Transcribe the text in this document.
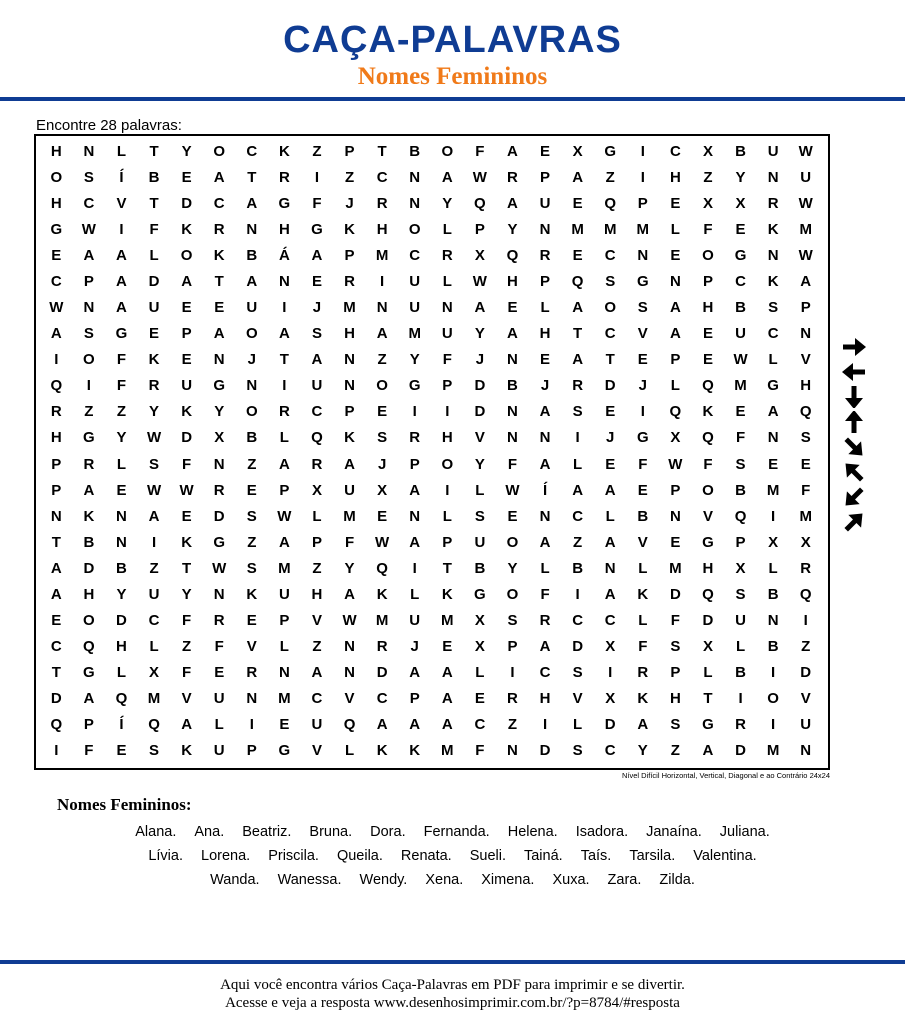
CAÇA-PALAVRAS
Nomes Femininos
Encontre 28 palavras:
H	N	L	T	Y	O	C	K	Z	P	T	B	O	F	A	E	X	G	I	C	X	B	U	W
O	S	Í	B	E	A	T	R	I	Z	C	N	A	W	R	P	A	Z	I	H	Z	Y	N	U
H	C	V	T	D	C	A	G	F	J	R	N	Y	Q	A	U	E	Q	P	E	X	X	R	W
G	W	I	F	K	R	N	H	G	K	H	O	L	P	Y	N	M	M	M	L	F	E	K	M
E	A	A	L	O	K	B	Á	A	P	M	C	R	X	Q	R	E	C	N	E	O	G	N	W
C	P	A	D	A	T	A	N	E	R	I	U	L	W	H	P	Q	S	G	N	P	C	K	A
W	N	A	U	E	E	U	I	J	M	N	U	N	A	E	L	A	O	S	A	H	B	S	P
A	S	G	E	P	A	O	A	S	H	A	M	U	Y	A	H	T	C	V	A	E	U	C	N
I	O	F	K	E	N	J	T	A	N	Z	Y	F	J	N	E	A	T	E	P	E	W	L	V
Q	I	F	R	U	G	N	I	U	N	O	G	P	D	B	J	R	D	J	L	Q	M	G	H
R	Z	Z	Y	K	Y	O	R	C	P	E	I	I	D	N	A	S	E	I	Q	K	E	A	Q
H	G	Y	W	D	X	B	L	Q	K	S	R	H	V	N	N	I	J	G	X	Q	F	N	S
P	R	L	S	F	N	Z	A	R	A	J	P	O	Y	F	A	L	E	F	W	F	S	E	E
P	A	E	W	W	R	E	P	X	U	X	A	I	L	W	Í	A	A	E	P	O	B	M	F
N	K	N	A	E	D	S	W	L	M	E	N	L	S	E	N	C	L	B	N	V	Q	I	M
T	B	N	I	K	G	Z	A	P	F	W	A	P	U	O	A	Z	A	V	E	G	P	X	X
A	D	B	Z	T	W	S	M	Z	Y	Q	I	T	B	Y	L	B	N	L	M	H	X	L	R
A	H	Y	U	Y	N	K	U	H	A	K	L	K	G	O	F	I	A	K	D	Q	S	B	Q
E	O	D	C	F	R	E	P	V	W	M	U	M	X	S	R	C	C	L	F	D	U	N	I
C	Q	H	L	Z	F	V	L	Z	N	R	J	E	X	P	A	D	X	F	S	X	L	B	Z
T	G	L	X	F	E	R	N	A	N	D	A	A	L	I	C	S	I	R	P	L	B	I	D
D	A	Q	M	V	U	N	M	C	V	C	P	A	E	R	H	V	X	K	H	T	I	O	V
Q	P	Í	Q	A	L	I	E	U	Q	A	A	A	C	Z	I	L	D	A	S	G	R	I	U
I	F	E	S	K	U	P	G	V	L	K	K	M	F	N	D	S	C	Y	Z	A	D	M	N
Nível Difícil Horizontal, Vertical, Diagonal e ao Contrário 24x24
Nomes Femininos:
Alana. Ana. Beatriz. Bruna. Dora. Fernanda. Helena. Isadora. Janaína. Juliana.
Lívia. Lorena. Priscila. Queila. Renata. Sueli. Tainá. Taís. Tarsila. Valentina.
Wanda. Wanessa. Wendy. Xena. Ximena. Xuxa. Zara. Zilda.
Aqui você encontra vários Caça-Palavras em PDF para imprimir e se divertir.
Acesse e veja a resposta www.desenhosimprimir.com.br/?p=8784/#resposta
